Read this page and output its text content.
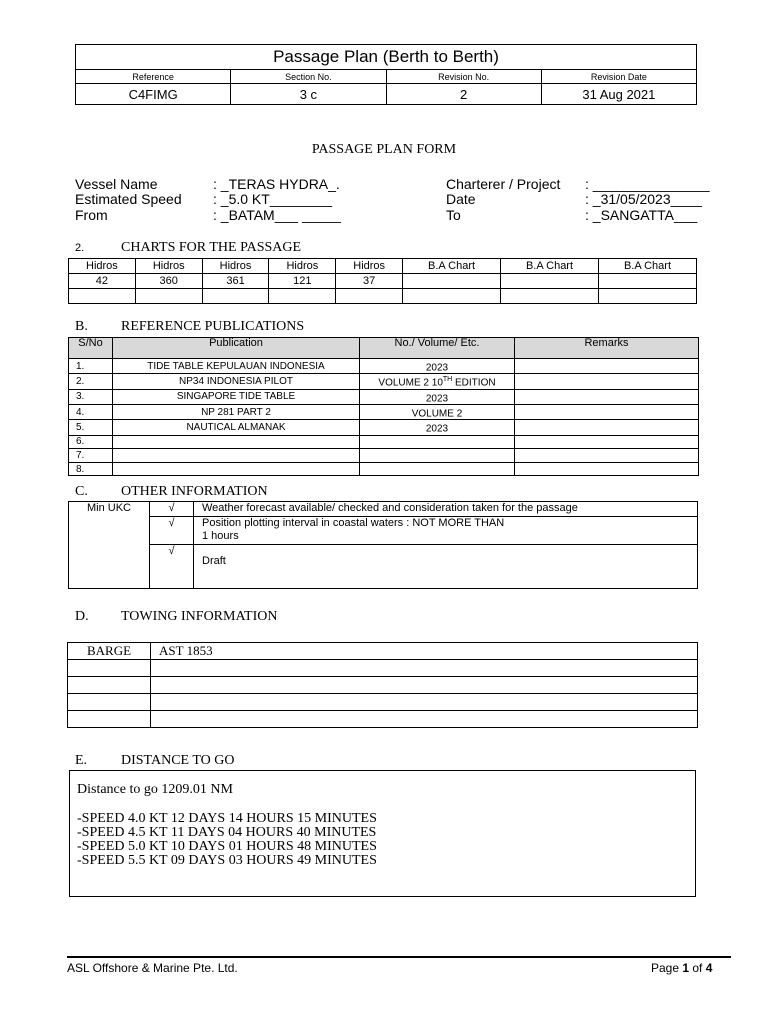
Passage Plan (Berth to Berth)			
Reference	Section No.	Revision No.	Revision Date
C4FIMG	3 c	2	31 Aug 2021
PASSAGE PLAN FORM
Vessel Name	: _TERAS HYDRA_.
Estimated Speed : _5.0 KT________
From	: _BATAM___ _____
Charterer / Project : _______________
Date	: _31/05/2023____
To	: _SANGATTA___
2.	CHARTS FOR THE PASSAGE
Hidros	Hidros	Hidros	Hidros	Hidros	B.A Chart	B.A Chart	B.A Chart
42	360	361	121	37			

B. REFERENCE PUBLICATIONS
S/No	Publication	No./ Volume/ Etc.	Remarks
1.	TIDE TABLE KEPULAUAN INDONESIA	2023	
2.	NP34 INDONESIA PILOT	VOLUME 2 10TH EDITION	
3.	SINGAPORE TIDE TABLE	2023	
4.	NP 281 PART 2	VOLUME 2	
5.	NAUTICAL ALMANAK	2023	
6.			
7.			
8.			
C. OTHER INFORMATION
Min UKC	√	Weather forecast available/ checked and consideration taken for the passage
	√	Position plotting interval in coastal waters : NOT MORE THAN
1 hours

	√	Draft
D. TOWING INFORMATION
BARGE	AST 1853

E. DISTANCE TO GO
Distance to go 1209.01 NM
-SPEED 4.0 KT 12 DAYS 14 HOURS 15 MINUTES
-SPEED 4.5 KT 11 DAYS 04 HOURS 40 MINUTES
-SPEED 5.0 KT 10 DAYS 01 HOURS 48 MINUTES
-SPEED 5.5 KT 09 DAYS 03 HOURS 49 MINUTES
ASL Offshore & Marine Pte. Ltd.	Page 1 of 4
